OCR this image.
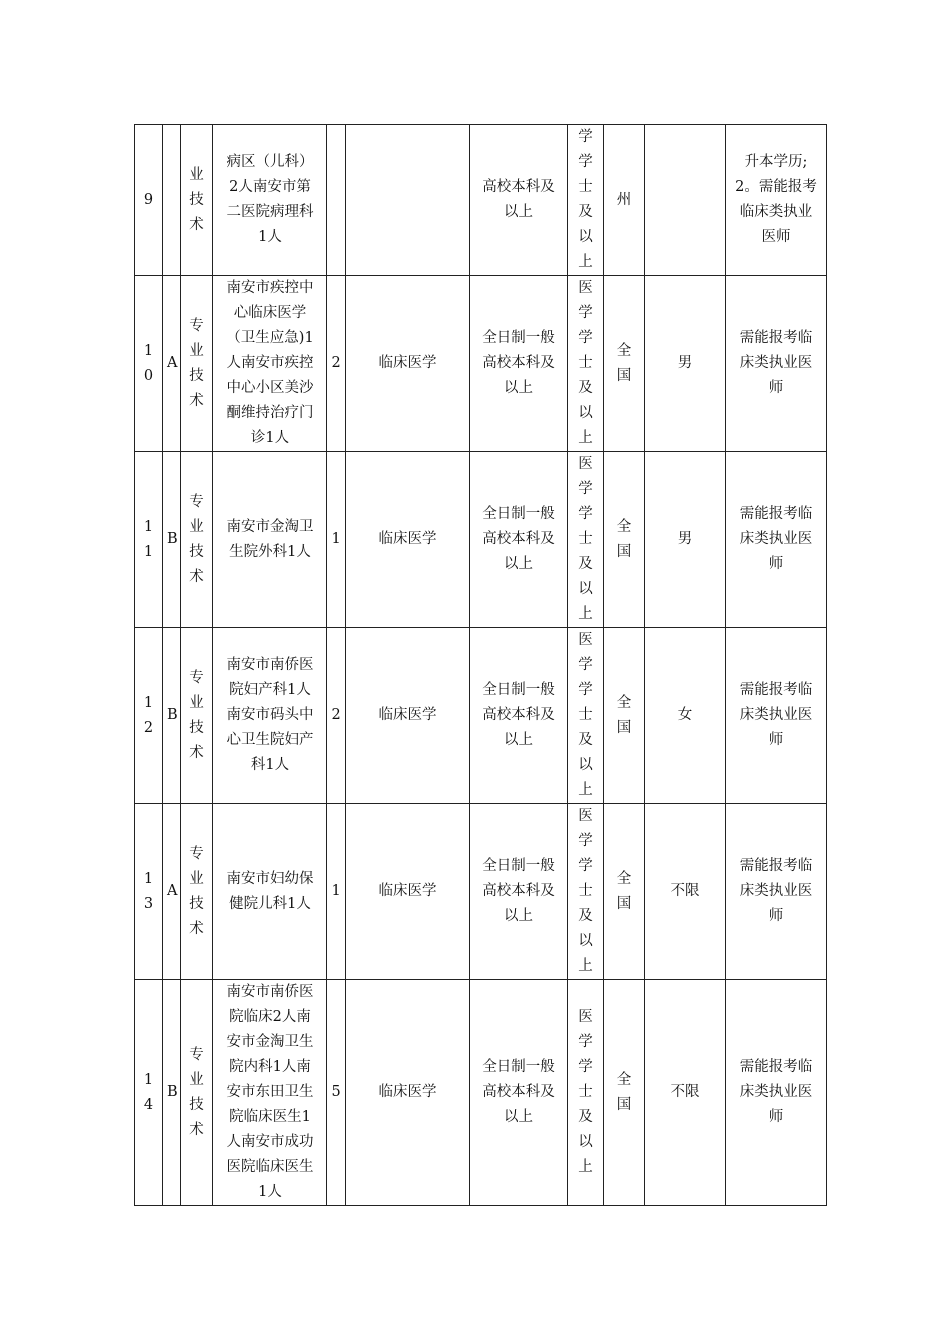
9		业技术	病区（儿科）2人南安市第二医院病理科1人			高校本科及以上	学学士及以上	州		升本学历;2。需能报考临床类执业医师

10	A	专业技术	南安市疾控中心临床医学（卫生应急)1人南安市疾控中心小区美沙酮维持治疗门诊1人	2	临床医学	全日制一般高校本科及以上	医学学士及以上	全国	男	需能报考临床类执业医师

11	B	专业技术	南安市金淘卫生院外科1人	1	临床医学	全日制一般高校本科及以上	医学学士及以上	全国	男	需能报考临床类执业医师

12	B	专业技术	南安市南侨医院妇产科1人南安市码头中心卫生院妇产科1人	2	临床医学	全日制一般高校本科及以上	医学学士及以上	全国	女	需能报考临床类执业医师

13	A	专业技术	南安市妇幼保健院儿科1人	1	临床医学	全日制一般高校本科及以上	医学学士及以上	全国	不限	需能报考临床类执业医师

14	B	专业技术	南安市南侨医院临床2人南安市金淘卫生院内科1人南安市东田卫生院临床医生1人南安市成功医院临床医生1人	5	临床医学	全日制一般高校本科及以上	医学学士及以上	全国	不限	需能报考临床类执业医师
